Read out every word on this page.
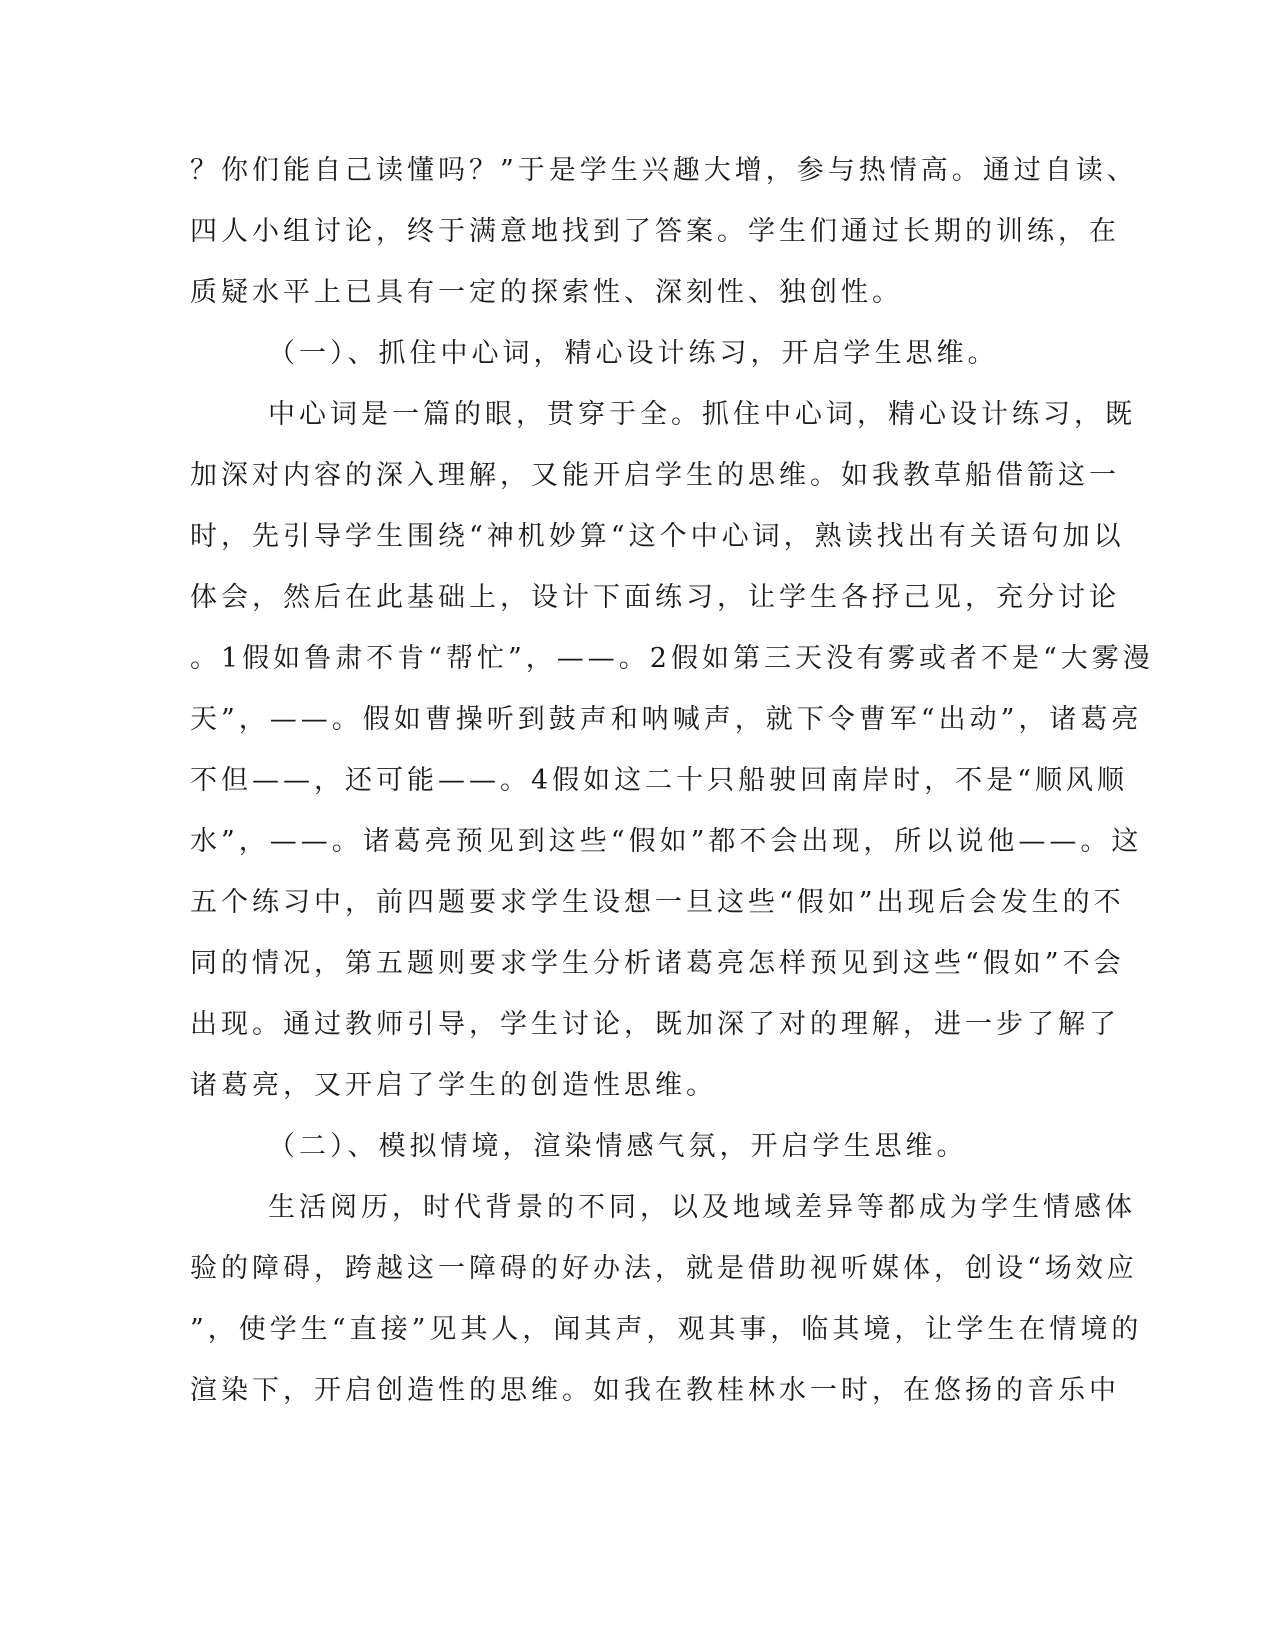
？你们能自己读懂吗？”于是学生兴趣大增，参与热情高。通过自读、
四人小组讨论，终于满意地找到了答案。学生们通过长期的训练，在
质疑水平上已具有一定的探索性、深刻性、独创性。
（一）、抓住中心词，精心设计练习，开启学生思维。
中心词是一篇的眼，贯穿于全。抓住中心词，精心设计练习，既
加深对内容的深入理解，又能开启学生的思维。如我教草船借箭这一
时，先引导学生围绕“神机妙算“这个中心词，熟读找出有关语句加以
体会，然后在此基础上，设计下面练习，让学生各抒己见，充分讨论
。1假如鲁肃不肯“帮忙”，——。2假如第三天没有雾或者不是“大雾漫
天”，——。假如曹操听到鼓声和呐喊声，就下令曹军“出动”，诸葛亮
不但——，还可能——。4假如这二十只船驶回南岸时，不是“顺风顺
水”，——。诸葛亮预见到这些“假如”都不会出现，所以说他——。这
五个练习中，前四题要求学生设想一旦这些“假如”出现后会发生的不
同的情况，第五题则要求学生分析诸葛亮怎样预见到这些“假如”不会
出现。通过教师引导，学生讨论，既加深了对的理解，进一步了解了
诸葛亮，又开启了学生的创造性思维。
（二）、模拟情境，渲染情感气氛，开启学生思维。
生活阅历，时代背景的不同，以及地域差异等都成为学生情感体
验的障碍，跨越这一障碍的好办法，就是借助视听媒体，创设“场效应
”，使学生“直接”见其人，闻其声，观其事，临其境，让学生在情境的
渲染下，开启创造性的思维。如我在教桂林水一时，在悠扬的音乐中
